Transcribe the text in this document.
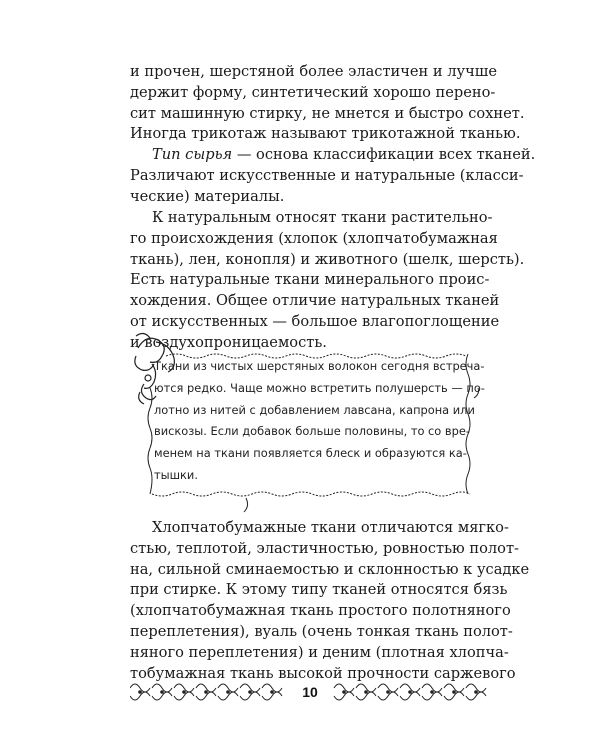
и прочен, шерстяной более эластичен и лучше
держит форму, синтетический хорошо перено-
сит машинную стирку, не мнется и быстро сохнет.
Иногда трикотаж называют трикотажной тканью.

Тип сырья — основа классификации всех тканей.
Различают искусственные и натуральные (класси-
ческие) материалы.

К натуральным относят ткани растительно-
го происхождения (хлопок (хлопчатобумажная
ткань), лен, конопля) и животного (шелк, шерсть).
Есть натуральные ткани минерального проис-
хождения. Общее отличие натуральных тканей
от искусственных — большое влагопоглощение
и воздухопроницаемость.

Ткани из чистых шерстяных волокон сегодня встреча-
ются редко. Чаще можно встретить полушерсть — по-
лотно из нитей с добавлением лавсана, капрона или
вискозы. Если добавок больше половины, то со вре-
менем на ткани появляется блеск и образуются ка-
тышки.

Хлопчатобумажные ткани отличаются мягко-
стью, теплотой, эластичностью, ровностью полот-
на, сильной сминаемостью и склонностью к усадке
при стирке. К этому типу тканей относятся бязь
(хлопчатобумажная ткань простого полотняного
переплетения), вуаль (очень тонкая ткань полот-
няного переплетения) и деним (плотная хлопча-
тобумажная ткань высокой прочности саржевого

10
